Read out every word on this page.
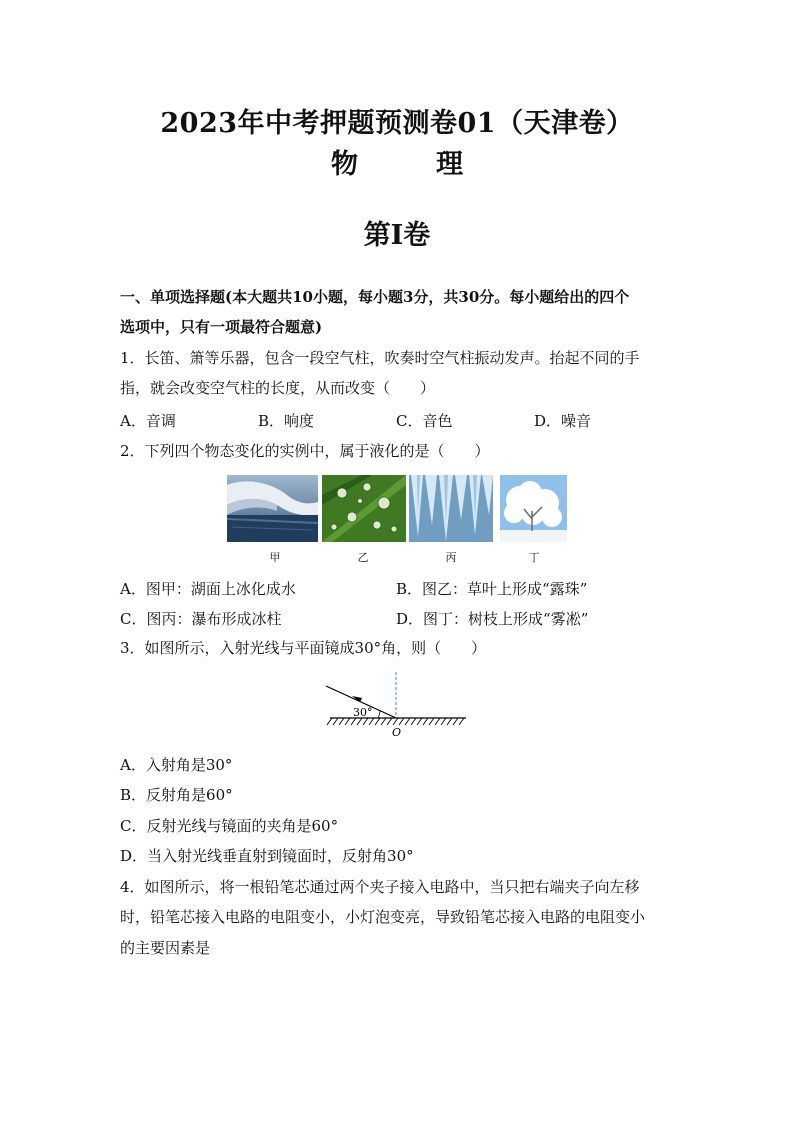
2023年中考押题预测卷01（天津卷）
物	理
第Ⅰ卷
一、单项选择题(本大题共10小题，每小题3分，共30分。每小题给出的四个
选项中，只有一项最符合题意)
1．长笛、箫等乐器，包含一段空气柱，吹奏时空气柱振动发声。抬起不同的手
指，就会改变空气柱的长度，从而改变（　　）
A．音调	B．响度	C．音色	D．噪音
2．下列四个物态变化的实例中，属于液化的是（　　）
甲	乙	丙	丁
A．图甲：湖面上冰化成水	B．图乙：草叶上形成“露珠”
C．图丙：瀑布形成冰柱	D．图丁：树枝上形成“雾凇”
3．如图所示，入射光线与平面镜成30°角，则（　　）
30°
O
A．入射角是30°
B．反射角是60°
C．反射光线与镜面的夹角是60°
D．当入射光线垂直射到镜面时，反射角30°
4．如图所示，将一根铅笔芯通过两个夹子接入电路中，当只把右端夹子向左移
时，铅笔芯接入电路的电阻变小，小灯泡变亮，导致铅笔芯接入电路的电阻变小
的主要因素是
